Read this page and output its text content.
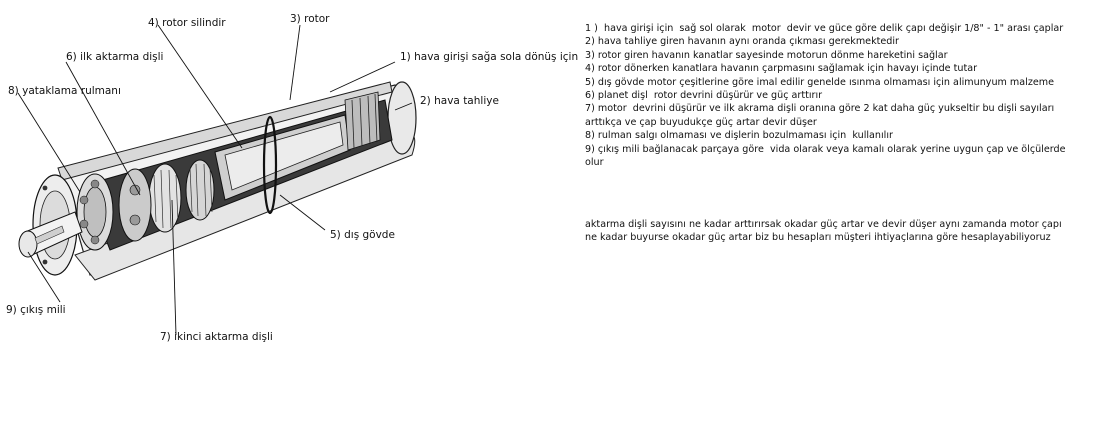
1) hava girişi sağa sola dönüş için
2) hava tahliye
3) rotor
4) rotor silindir
5) dış gövde
6) ilk aktarma dişli
7) ikinci aktarma dişli
8) yataklama rulmanı
9) çıkış mili
1 )  hava girişi için  sağ sol olarak  motor  devir ve güce göre delik çapı değişir 1/8" - 1" arası çaplar
2) hava tahliye giren havanın aynı oranda çıkması gerekmektedir
3) rotor giren havanın kanatlar sayesinde motorun dönme hareketini sağlar
4) rotor dönerken kanatlara havanın çarpmasını sağlamak için havayı içinde tutar
5) dış gövde motor çeşitlerine göre imal edilir genelde ısınma olmaması için alimunyum malzeme
6) planet dişl  rotor devrini düşürür ve güç arttırır
7) motor  devrini düşürür ve ilk akrama dişli oranına göre 2 kat daha güç yukseltir bu dişli sayıları
arttıkça ve çap buyudukçe güç artar devir düşer
8) rulman salgı olmaması ve dişlerin bozulmaması için  kullanılır
9) çıkış mili bağlanacak parçaya göre  vida olarak veya kamalı olarak yerine uygun çap ve ölçülerde
olur
aktarma dişli sayısını ne kadar arttırırsak okadar güç artar ve devir düşer aynı zamanda motor çapı
ne kadar buyurse okadar güç artar biz bu hesapları müşteri ihtiyaçlarına göre hesaplayabiliyoruz
